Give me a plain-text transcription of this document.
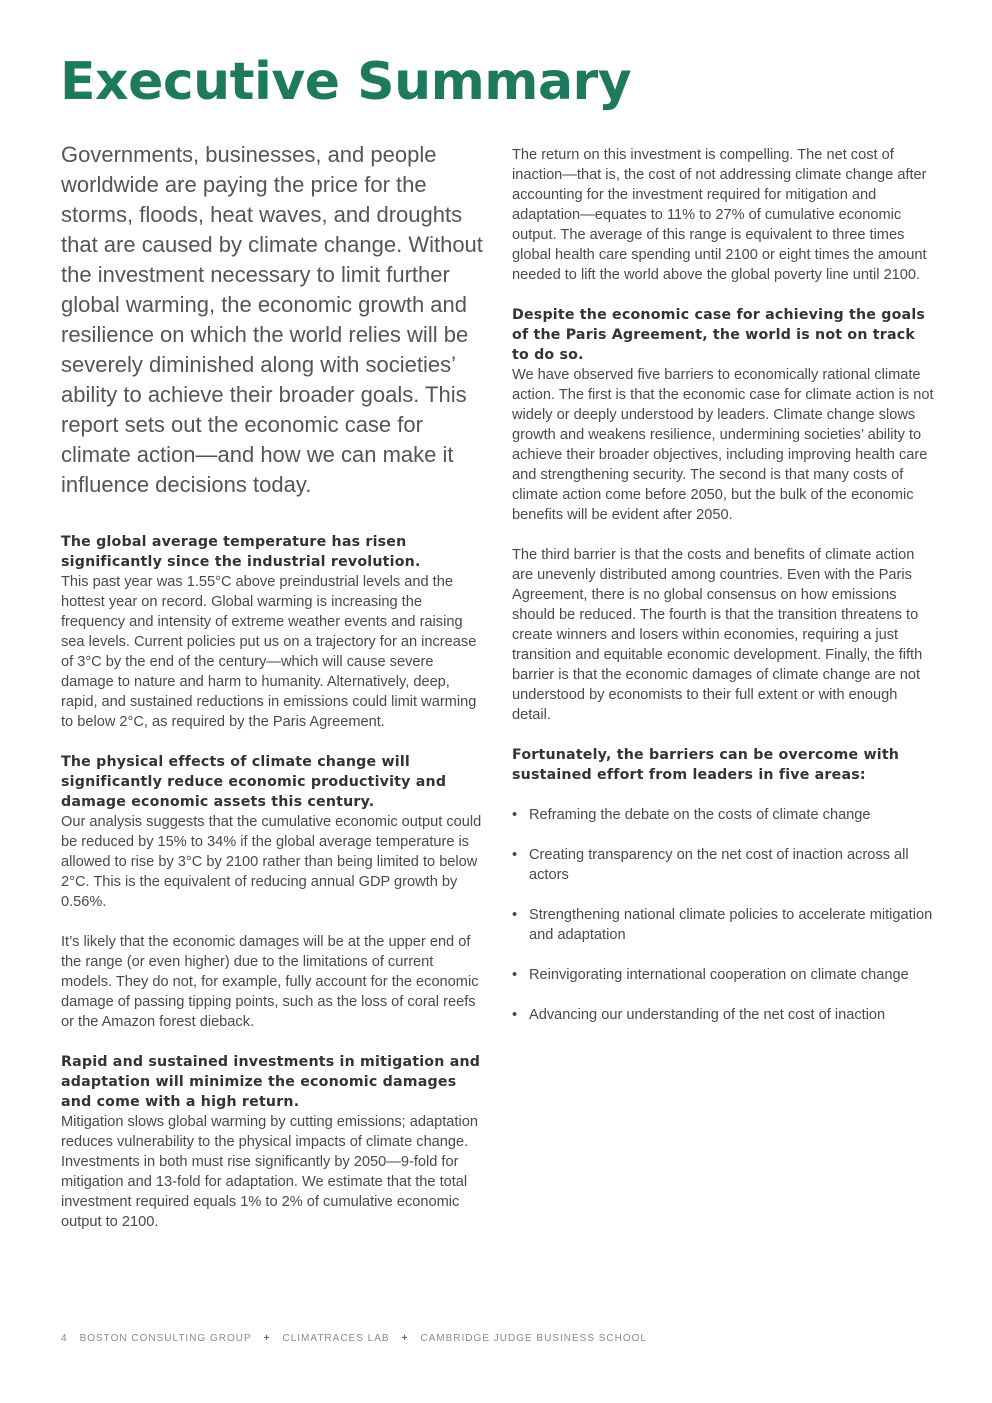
Executive Summary

Governments, businesses, and people worldwide are paying the price for the storms, floods, heat waves, and droughts that are caused by climate change. Without the investment necessary to limit further global warming, the economic growth and resilience on which the world relies will be severely diminished along with societies’ ability to achieve their broader goals. This report sets out the economic case for climate action—and how we can make it influence decisions today.

The global average temperature has risen significantly since the industrial revolution.
This past year was 1.55°C above preindustrial levels and the hottest year on record. Global warming is increasing the frequency and intensity of extreme weather events and raising sea levels. Current policies put us on a trajectory for an increase of 3°C by the end of the century—which will cause severe damage to nature and harm to humanity. Alternatively, deep, rapid, and sustained reductions in emissions could limit warming to below 2°C, as required by the Paris Agreement.

The physical effects of climate change will significantly reduce economic productivity and damage economic assets this century.
Our analysis suggests that the cumulative economic output could be reduced by 15% to 34% if the global average temperature is allowed to rise by 3°C by 2100 rather than being limited to below 2°C. This is the equivalent of reducing annual GDP growth by 0.56%.

It’s likely that the economic damages will be at the upper end of the range (or even higher) due to the limitations of current models. They do not, for example, fully account for the economic damage of passing tipping points, such as the loss of coral reefs or the Amazon forest dieback.

Rapid and sustained investments in mitigation and adaptation will minimize the economic damages and come with a high return.
Mitigation slows global warming by cutting emissions; adaptation reduces vulnerability to the physical impacts of climate change. Investments in both must rise significantly by 2050—9-fold for mitigation and 13-fold for adaptation. We estimate that the total investment required equals 1% to 2% of cumulative economic output to 2100.

The return on this investment is compelling. The net cost of inaction—that is, the cost of not addressing climate change after accounting for the investment required for mitigation and adaptation—equates to 11% to 27% of cumulative economic output. The average of this range is equivalent to three times global health care spending until 2100 or eight times the amount needed to lift the world above the global poverty line until 2100.

Despite the economic case for achieving the goals of the Paris Agreement, the world is not on track to do so.
We have observed five barriers to economically rational climate action. The first is that the economic case for climate action is not widely or deeply understood by leaders. Climate change slows growth and weakens resilience, undermining societies’ ability to achieve their broader objectives, including improving health care and strengthening security. The second is that many costs of climate action come before 2050, but the bulk of the economic benefits will be evident after 2050.

The third barrier is that the costs and benefits of climate action are unevenly distributed among countries. Even with the Paris Agreement, there is no global consensus on how emissions should be reduced. The fourth is that the transition threatens to create winners and losers within economies, requiring a just transition and equitable economic development. Finally, the fifth barrier is that the economic damages of climate change are not understood by economists to their full extent or with enough detail.

Fortunately, the barriers can be overcome with sustained effort from leaders in five areas:

• Reframing the debate on the costs of climate change
• Creating transparency on the net cost of inaction across all actors
• Strengthening national climate policies to accelerate mitigation and adaptation
• Reinvigorating international cooperation on climate change
• Advancing our understanding of the net cost of inaction
4 BOSTON CONSULTING GROUP + CLIMATRACES LAB + CAMBRIDGE JUDGE BUSINESS SCHOOL
